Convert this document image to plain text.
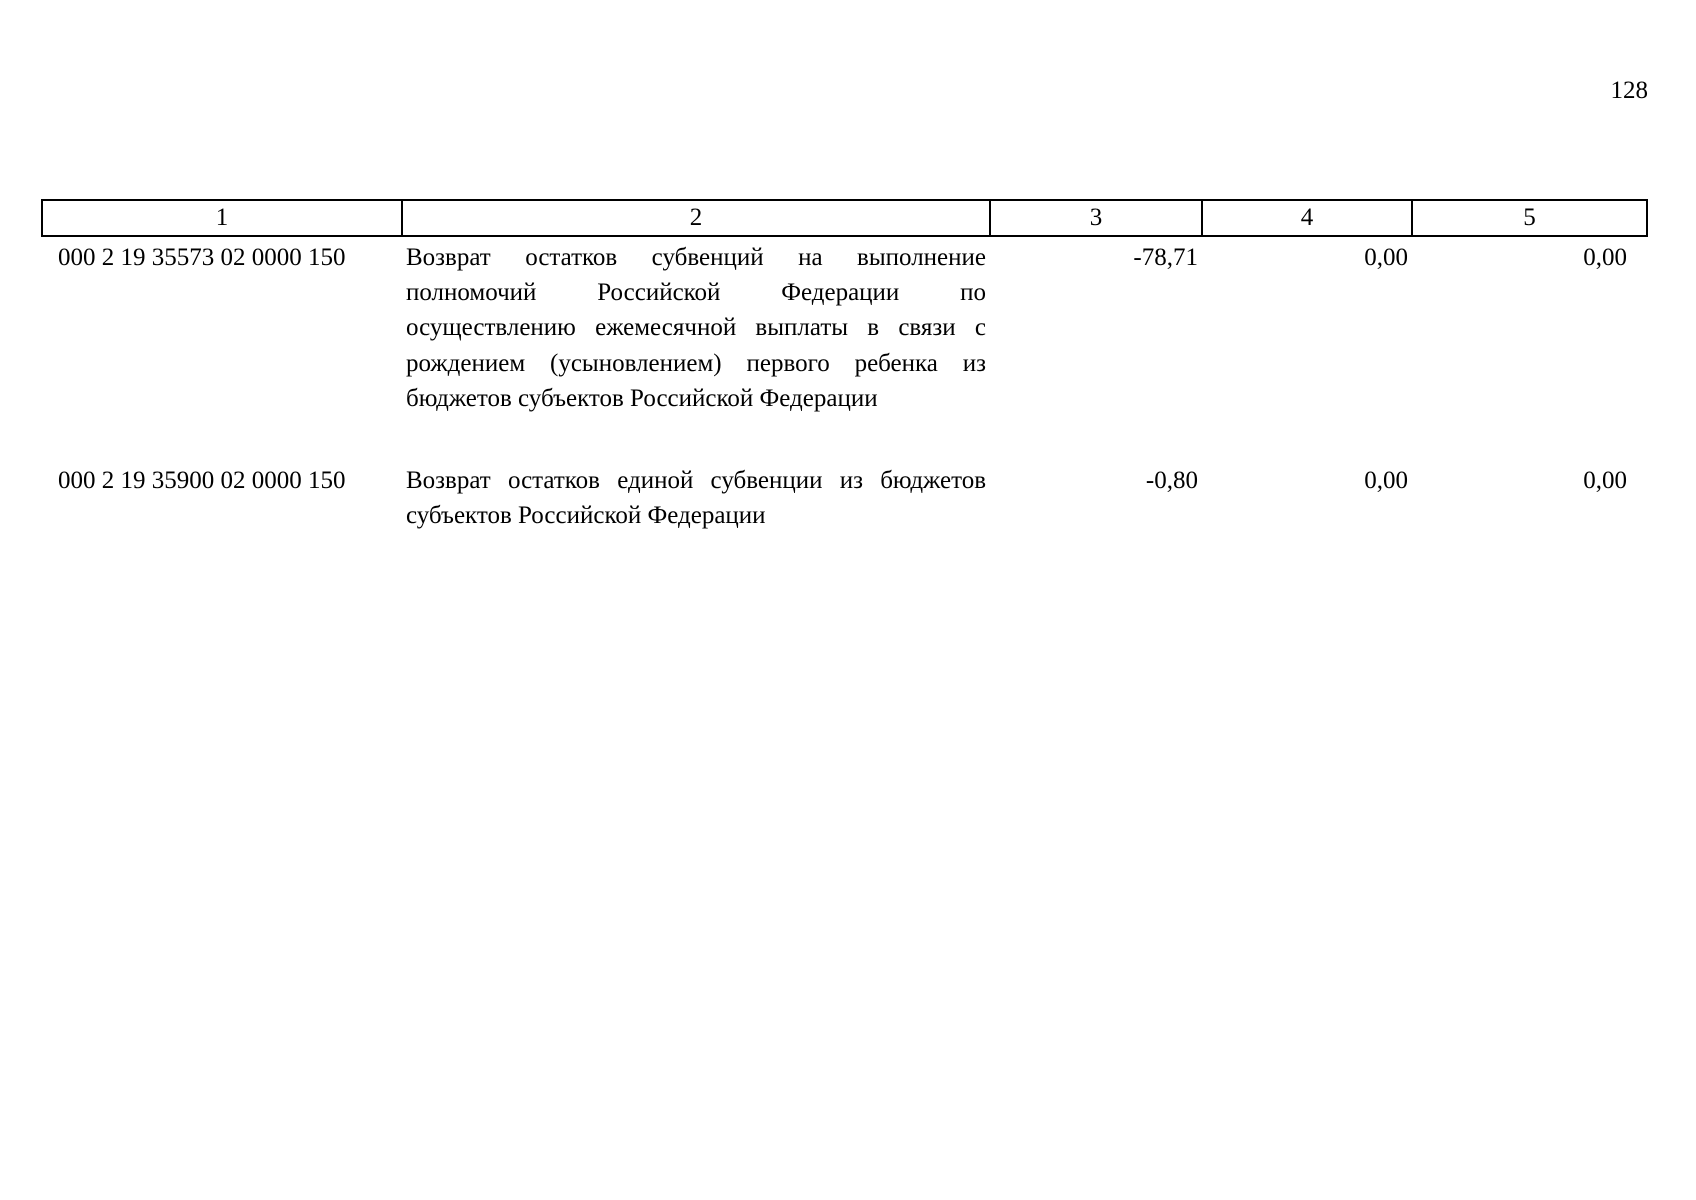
128
1	2	3	4	5
000 2 19 35573 02 0000 150	Возврат остатков субвенций на выполнение полномочий Российской Федерации по осуществлению ежемесячной выплаты в связи с рождением (усыновлением) первого ребенка из бюджетов субъектов Российской Федерации	-78,71	0,00	0,00
000 2 19 35900 02 0000 150	Возврат остатков единой субвенции из бюджетов субъектов Российской Федерации	-0,80	0,00	0,00
